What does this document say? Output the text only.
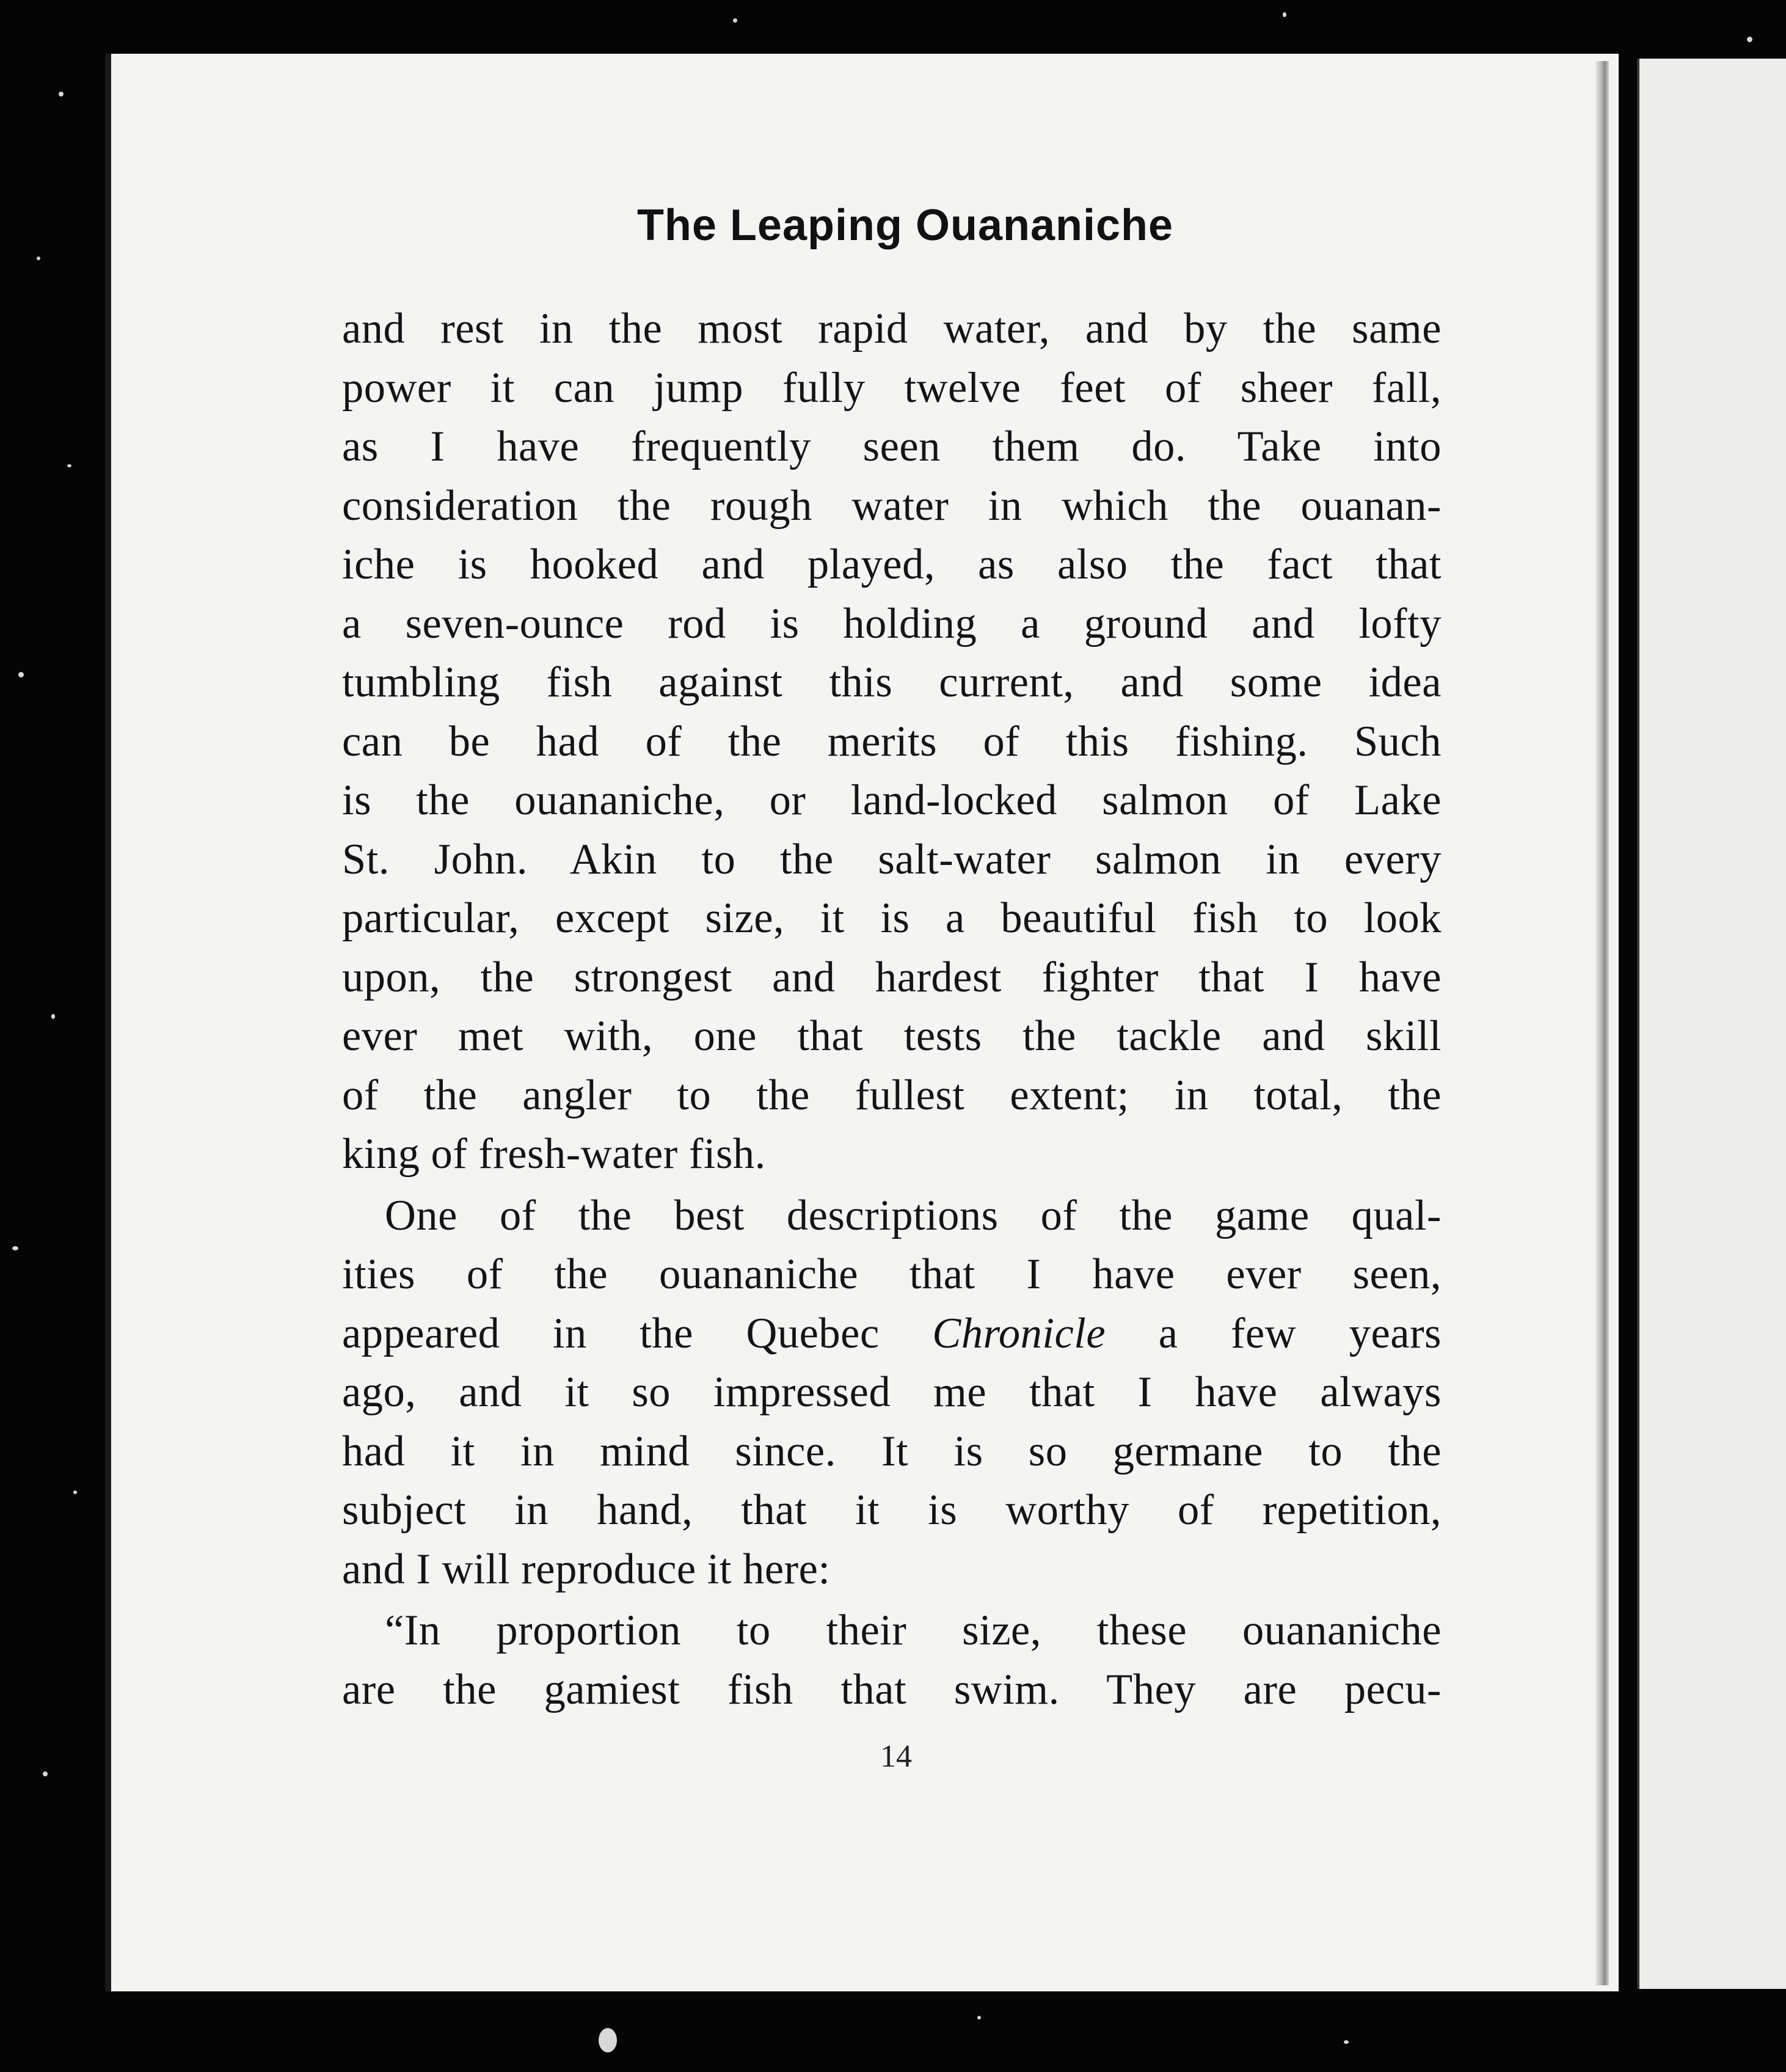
The Leaping Ouananiche
and rest in the most rapid water, and by the same
power it can jump fully twelve feet of sheer fall,
as I have frequently seen them do. Take into
consideration the rough water in which the ouanan-
iche is hooked and played, as also the fact that
a seven-ounce rod is holding a ground and lofty
tumbling fish against this current, and some idea
can be had of the merits of this fishing. Such
is the ouananiche, or land-locked salmon of Lake
St. John. Akin to the salt-water salmon in every
particular, except size, it is a beautiful fish to look
upon, the strongest and hardest fighter that I have
ever met with, one that tests the tackle and skill
of the angler to the fullest extent; in total, the
king of fresh-water fish.
One of the best descriptions of the game qual-
ities of the ouananiche that I have ever seen,
appeared in the Quebec Chronicle a few years
ago, and it so impressed me that I have always
had it in mind since. It is so germane to the
subject in hand, that it is worthy of repetition,
and I will reproduce it here:
“In proportion to their size, these ouananiche
are the gamiest fish that swim. They are pecu-
14
